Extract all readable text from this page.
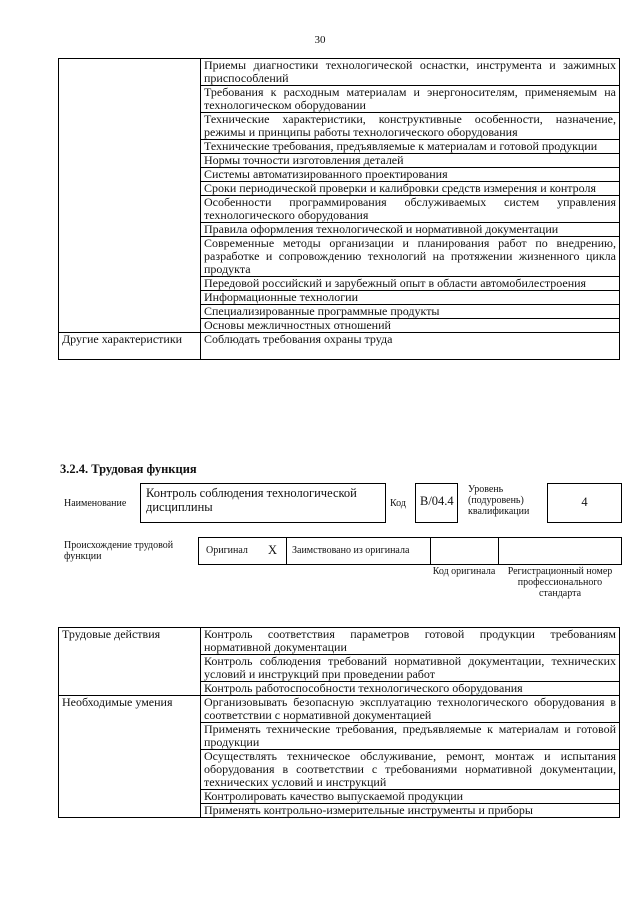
30
	Приемы диагностики технологической оснастки, инструмента и зажимных приспособлений
	Требования к расходным материалам и энергоносителям, применяемым на технологическом оборудовании
	Технические характеристики, конструктивные особенности, назначение, режимы и принципы работы технологического оборудования
	Технические требования, предъявляемые к материалам и готовой продукции
	Нормы точности изготовления деталей
	Системы автоматизированного проектирования
	Сроки периодической проверки и калибровки средств измерения и контроля
	Особенности программирования обслуживаемых систем управления технологического оборудования
	Правила оформления технологической и нормативной документации
	Современные методы организации и планирования работ по внедрению, разработке и сопровождению технологий на протяжении жизненного цикла продукта
	Передовой российский и зарубежный опыт в области автомобилестроения
	Информационные технологии
	Специализированные программные продукты
	Основы межличностных отношений
Другие характеристики	Соблюдать требования охраны труда
3.2.4. Трудовая функция
Наименование
Контроль соблюдения технологической дисциплины	Код	B/04.4
Уровень (подуровень) квалификации
4
Происхождение трудовой функции
Оригинал X Заимствовано из оригинала
Код оригинала Регистрационный номер профессионального стандарта
Трудовые действия	Контроль соответствия параметров готовой продукции требованиям нормативной документации
	Контроль соблюдения требований нормативной документации, технических условий и инструкций при проведении работ
	Контроль работоспособности технологического оборудования
Необходимые умения	Организовывать безопасную эксплуатацию технологического оборудования в соответствии с нормативной документацией
	Применять технические требования, предъявляемые к материалам и готовой продукции
	Осуществлять техническое обслуживание, ремонт, монтаж и испытания оборудования в соответствии с требованиями нормативной документации, технических условий и инструкций
	Контролировать качество выпускаемой продукции
	Применять контрольно-измерительные инструменты и приборы
